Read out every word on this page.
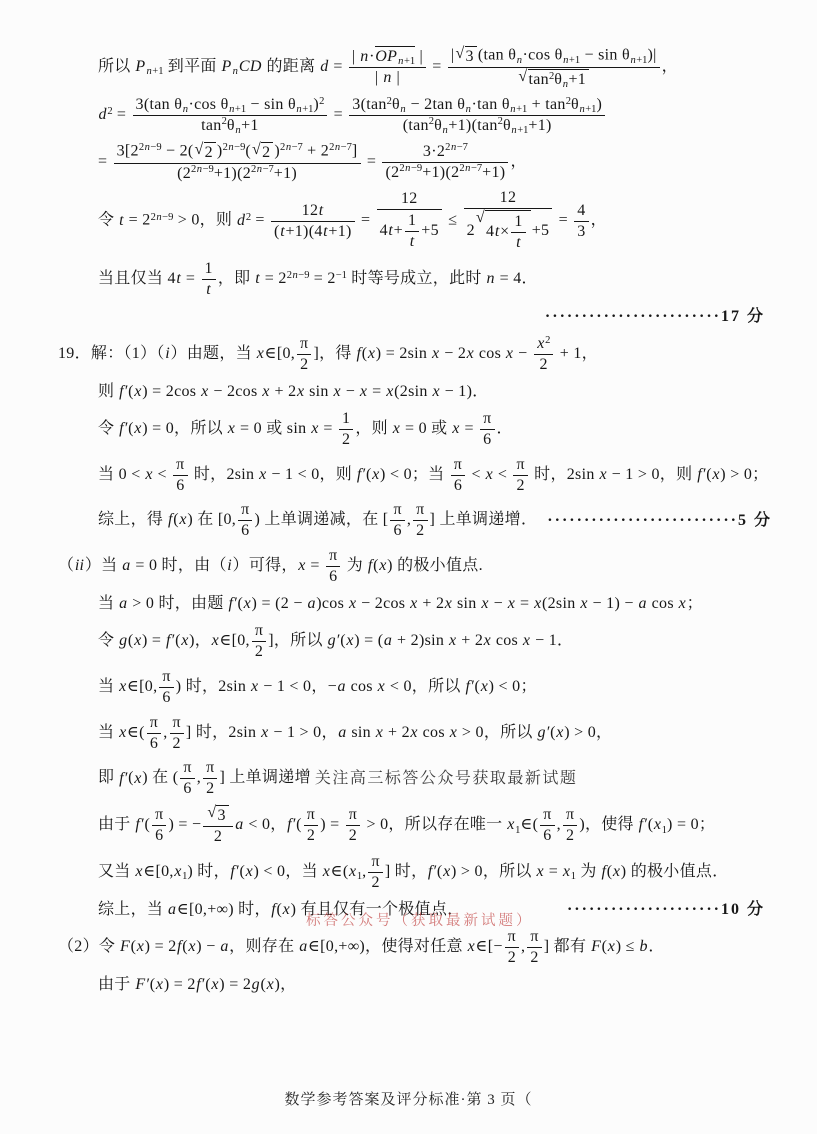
所以 Pn+1 到平面 PnCD 的距离 $d = \frac{\text{| n·OPn+1 |}}{| n |} = \frac{\text{| √ 3 (tan θn·cos θn+1 − sin θn+1)|}}{√ \tan^2\theta n+1}$ ，
$d^2 = \frac{3(\tan \theta n\cdot\cos \theta n+1 - \sin \theta n+1)^2}{\tan^2\theta n+1} = \frac{3(\tan^2\theta n - 2\tan \theta n\cdot\tan \theta n+1 + \tan^2\theta n+1)}{(\tan^2\theta n+1)(\tan^2\theta n+1+1)}$
= $\frac{3[2^{2n-9} - 2( √ 2 )^{2n-9}( √ 2 )^{2n-7} + 2^{2n-7}]}{(2^{2n-9}+1)(2^{2n-7}+1)} = \frac{3\cdot 2^{2n-7}}{(2^{2n-9}+1)(2^{2n-7}+1)}$ ，
令 $t = 2^{2n-9} > 0$，则 $d^2 = \frac{12t}{(t+1)(4t+1)} = \frac{12}{4t+ \frac{1}{t} +5} \le 12$
2
√
$4t\times \frac{1}{t} +5 = \frac{4}{3}$ ，
当且仅当 $4t = \frac{1}{t}$ ，即 $t = 2^{2n-9} = 2^{-1}$ 时等号成立，此时 n = 4．
························17 分
19．解：（1）（i）由题，当 x∈[0, $\frac{\pi}{2}$ ]，得 f(x) = 2sin x − 2x $\cos x - \frac{x^2}{2} + 1$，
则 f′(x) = 2cos x − 2cos x + 2x sin x − x = x(2sin x − 1)．
令 f′(x) = 0，所以 x = 0 或 $\sin x = \frac{1}{2}$ ，则 x = 0 或 $x = \frac{\pi}{6}$ ．
当 $0 < x < \frac{\pi}{6}$ 时，2sin x − 1 < 0，则 f′(x) < 0；当 $\frac{\pi}{6} < x < \frac{\pi}{2}$ 时，2sin x − 1 > 0，则 f′(x) > 0；
综上，得 f(x) 在 [0, $\frac{\pi}{6}$ ) 上单调递减，在 [ $\frac{\pi}{6}$ , $\frac{\pi}{2}$ ] 上单调递增． ··························5 分
（ii）当 a = 0 时，由（i）可得，$x = \frac{\pi}{6}$ 为 f(x) 的极小值点.
当 a > 0 时，由题 f′(x) = (2 − a)cos x − 2cos x + 2x sin x − x = x(2sin x − 1) − a cos x；
令 g(x) = f′(x)，x∈[0, $\frac{\pi}{2}$ ]，所以 g′(x) = (a + 2)sin x + 2x cos x − 1．
当 x∈[0, $\frac{\pi}{6}$ ) 时，2sin x − 1 < 0，−a cos x < 0，所以 f′(x) < 0；
当 x∈( $\frac{\pi}{6}$ , $\frac{\pi}{2}$ ] 时，2sin x − 1 > 0，a sin x + 2x cos x > 0，所以 g′(x) > 0，
即 f′(x) 在 ( $\frac{\pi}{6}$ , $\frac{\pi}{2}$ ] 上单调递增 关注高三标答公众号获取最新试题
由于 $f'( \frac{\pi}{6}$ ) = − $\frac{√ 3}{2}$ a < 0，$f'( \frac{\pi}{2}$ ) = $\frac{\pi}{2} > 0$，所以存在唯一 x1∈( $\frac{\pi}{6}$ , $\frac{\pi}{2}$ )，使得 f′(x1) = 0；
又当 x∈[0,x1) 时，f′(x) < 0，当 x∈(x1, $\frac{\pi}{2}$ ] 时，f′(x) > 0，所以 x = x1 为 f(x) 的极小值点．
综上，当 a∈[0,+∞) 时，f(x) 有且仅有一个极值点．	·····················10 分
标答公众号（获取最新试题）
（2）令 F(x) = 2f(x) − a，则存在 a∈[0,+∞)，使得对任意 x∈[− $\frac{\pi}{2}$ , $\frac{\pi}{2}$ ] 都有 F(x) ≤ b．
由于 F′(x) = 2f′(x) = 2g(x)，
数学参考答案及评分标准·第 3 页（
